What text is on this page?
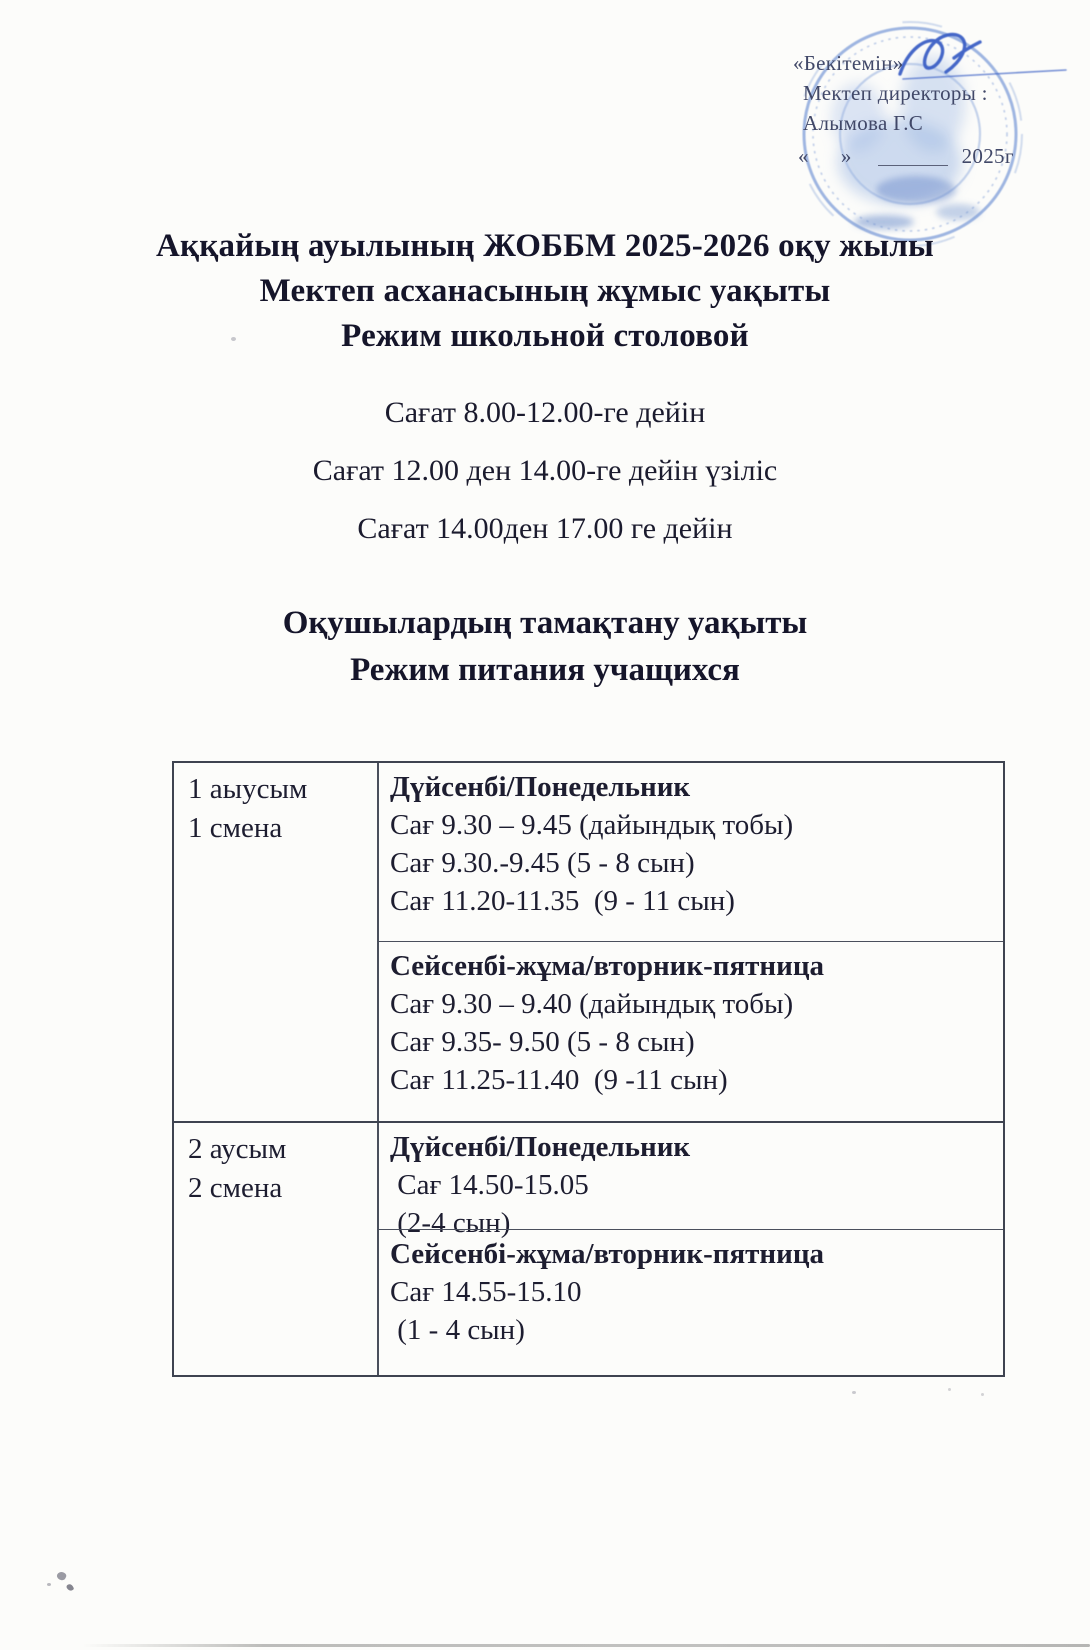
«Бекітемін»
Мектеп директоры :
Алымова Г.С
« »	2025г
Аққайың ауылының ЖОББМ 2025-2026 оқу жылы
Мектеп асханасының жұмыс уақыты
Режим школьной столовой
Сағат 8.00-12.00-ге дейін
Сағат 12.00 ден 14.00-ге дейін үзіліс
Сағат 14.00ден 17.00 ге дейін
Оқушылардың тамақтану уақыты
Режим питания учащихся
1 аыусым
1 смена
Дүйсенбі/Понедельник
Сағ 9.30 – 9.45 (дайындық тобы)
Сағ 9.30.-9.45 (5 - 8 сын)
Сағ 11.20-11.35  (9 - 11 сын)
Сейсенбі-жұма/вторник-пятница
Сағ 9.30 – 9.40 (дайындық тобы)
Сағ 9.35- 9.50 (5 - 8 сын)
Сағ 11.25-11.40  (9 -11 сын)
2 аусым
2 смена
Дүйсенбі/Понедельник
Сағ 14.50-15.05
(2-4 сын)
Сейсенбі-жұма/вторник-пятница
Сағ 14.55-15.10
(1 - 4 сын)
